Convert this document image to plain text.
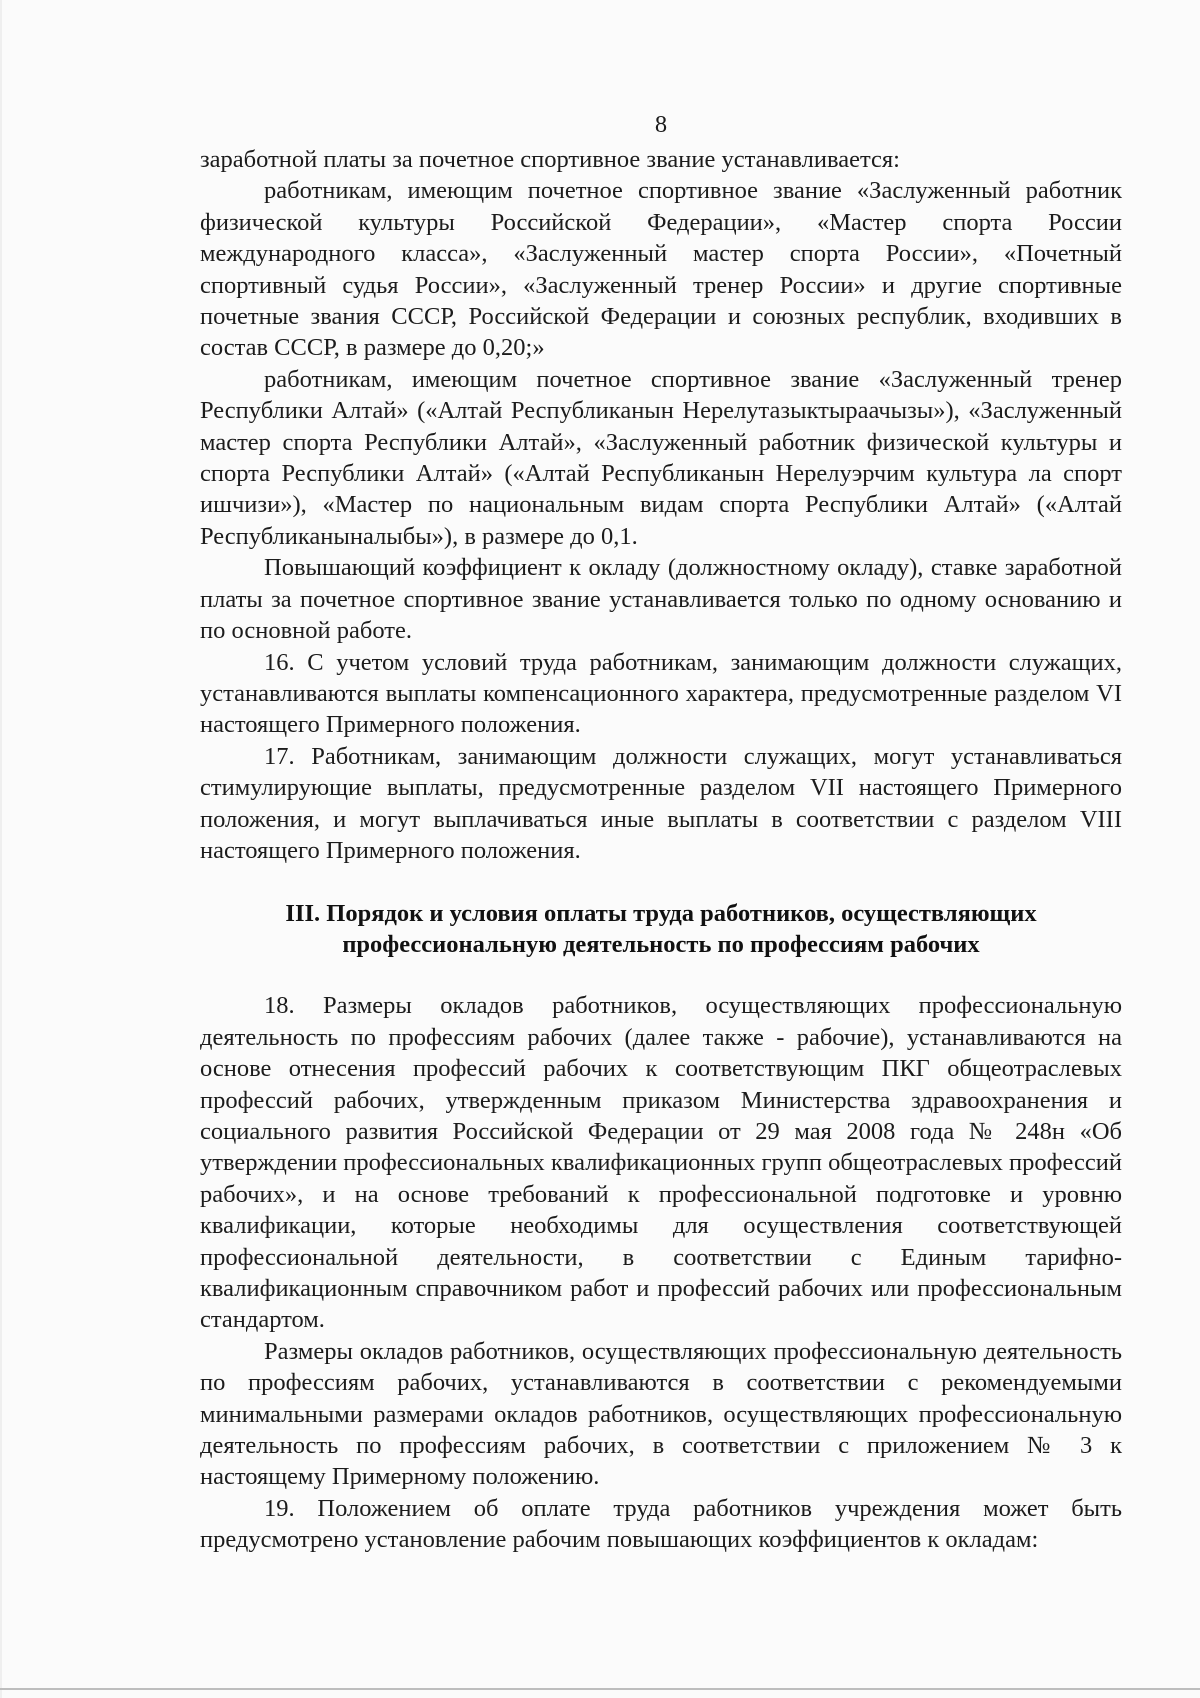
8

заработной платы за почетное спортивное звание устанавливается:

работникам, имеющим почетное спортивное звание «Заслуженный работник физической культуры Российской Федерации», «Мастер спорта России международного класса», «Заслуженный мастер спорта России», «Почетный спортивный судья России», «Заслуженный тренер России» и другие спортивные почетные звания СССР, Российской Федерации и союзных республик, входивших в состав СССР, в размере до 0,20;»

работникам, имеющим почетное спортивное звание «Заслуженный тренер Республики Алтай» («Алтай Республиканын Нерелутазыктыраачызы»), «Заслуженный мастер спорта Республики Алтай», «Заслуженный работник физической культуры и спорта Республики Алтай» («Алтай Республиканын Нерелуэрчим культура ла спорт ишчизи»), «Мастер по национальным видам спорта Республики Алтай» («Алтай Республиканыналыбы»), в размере до 0,1.

Повышающий коэффициент к окладу (должностному окладу), ставке заработной платы за почетное спортивное звание устанавливается только по одному основанию и по основной работе.

16. С учетом условий труда работникам, занимающим должности служащих, устанавливаются выплаты компенсационного характера, предусмотренные разделом VI настоящего Примерного положения.

17. Работникам, занимающим должности служащих, могут устанавливаться стимулирующие выплаты, предусмотренные разделом VII настоящего Примерного положения, и могут выплачиваться иные выплаты в соответствии с разделом VIII настоящего Примерного положения.

III. Порядок и условия оплаты труда работников, осуществляющих профессиональную деятельность по профессиям рабочих

18. Размеры окладов работников, осуществляющих профессиональную деятельность по профессиям рабочих (далее также - рабочие), устанавливаются на основе отнесения профессий рабочих к соответствующим ПКГ общеотраслевых профессий рабочих, утвержденным приказом Министерства здравоохранения и социального развития Российской Федерации от 29 мая 2008 года № 248н «Об утверждении профессиональных квалификационных групп общеотраслевых профессий рабочих», и на основе требований к профессиональной подготовке и уровню квалификации, которые необходимы для осуществления соответствующей профессиональной деятельности, в соответствии с Единым тарифно-квалификационным справочником работ и профессий рабочих или профессиональным стандартом.

Размеры окладов работников, осуществляющих профессиональную деятельность по профессиям рабочих, устанавливаются в соответствии с рекомендуемыми минимальными размерами окладов работников, осуществляющих профессиональную деятельность по профессиям рабочих, в соответствии с приложением № 3 к настоящему Примерному положению.

19. Положением об оплате труда работников учреждения может быть предусмотрено установление рабочим повышающих коэффициентов к окладам:
